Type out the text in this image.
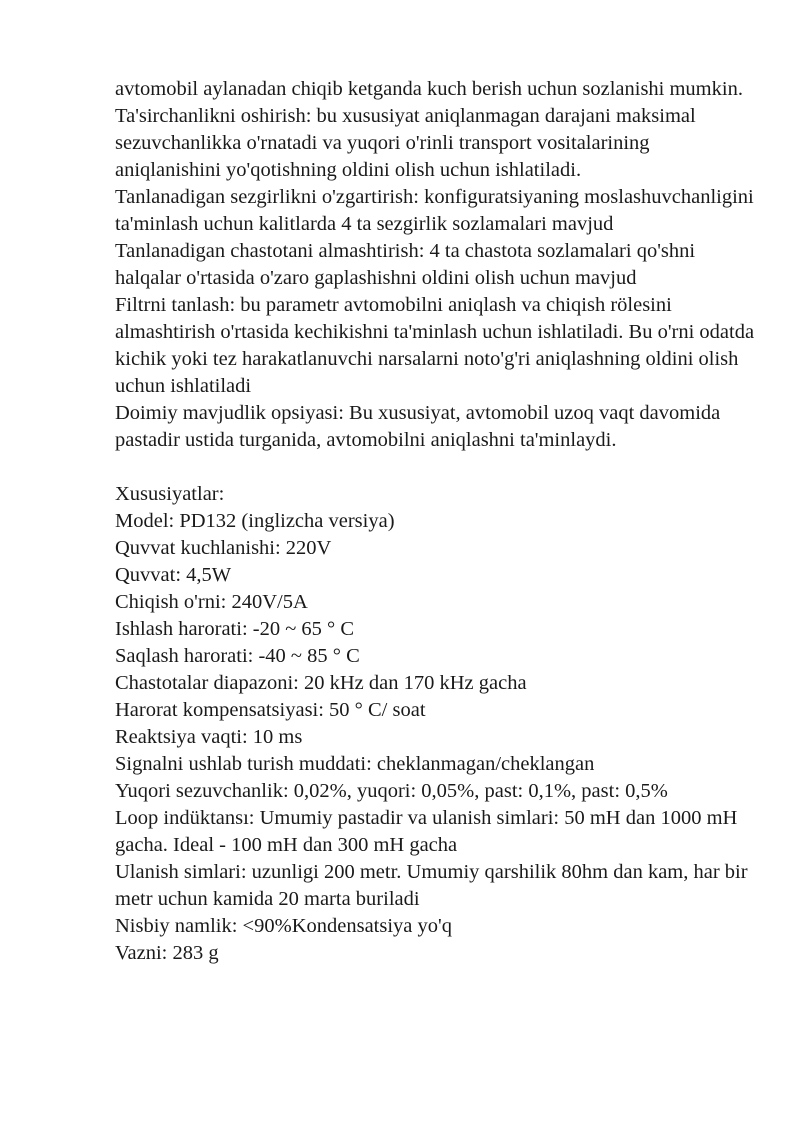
avtomobil aylanadan chiqib ketganda kuch berish uchun sozlanishi mumkin.

Ta'sirchanlikni oshirish: bu xususiyat aniqlanmagan darajani maksimal sezuvchanlikka o'rnatadi va yuqori o'rinli transport vositalarining aniqlanishini yo'qotishning oldini olish uchun ishlatiladi.

Tanlanadigan sezgirlikni o'zgartirish: konfiguratsiyaning moslashuvchanligini ta'minlash uchun kalitlarda 4 ta sezgirlik sozlamalari mavjud

Tanlanadigan chastotani almashtirish: 4 ta chastota sozlamalari qo'shni halqalar o'rtasida o'zaro gaplashishni oldini olish uchun mavjud

Filtrni tanlash: bu parametr avtomobilni aniqlash va chiqish rölesini almashtirish o'rtasida kechikishni ta'minlash uchun ishlatiladi. Bu o'rni odatda kichik yoki tez harakatlanuvchi narsalarni noto'g'ri aniqlashning oldini olish uchun ishlatiladi

Doimiy mavjudlik opsiyasi: Bu xususiyat, avtomobil uzoq vaqt davomida pastadir ustida turganida, avtomobilni aniqlashni ta'minlaydi.

Xususiyatlar:

Model: PD132 (inglizcha versiya)

Quvvat kuchlanishi: 220V

Quvvat: 4,5W

Chiqish o'rni: 240V/5A

Ishlash harorati: -20 ~ 65 ° C

Saqlash harorati: -40 ~ 85 ° C

Chastotalar diapazoni: 20 kHz dan 170 kHz gacha

Harorat kompensatsiyasi: 50 ° C/ soat

Reaktsiya vaqti: 10 ms

Signalni ushlab turish muddati: cheklanmagan/cheklangan

Yuqori sezuvchanlik: 0,02%, yuqori: 0,05%, past: 0,1%, past: 0,5%

Loop indüktansı: Umumiy pastadir va ulanish simlari: 50 mH dan 1000 mH gacha. Ideal - 100 mH dan 300 mH gacha

Ulanish simlari: uzunligi 200 metr. Umumiy qarshilik 80hm dan kam, har bir metr uchun kamida 20 marta buriladi

Nisbiy namlik: <90%Kondensatsiya yo'q

Vazni: 283 g
